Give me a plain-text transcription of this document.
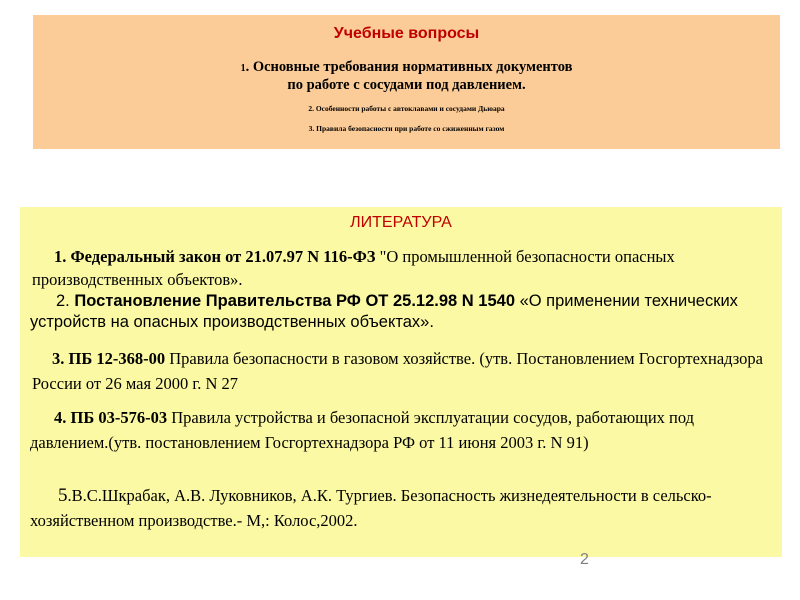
Учебные вопросы
1. Основные требования нормативных документов
по работе с сосудами под давлением.
2. Особенности работы с автоклавами и сосудами Дьюара
3. Правила безопасности при работе со сжиженным газом
ЛИТЕРАТУРА
1. Федеральный закон от 21.07.97 N 116-ФЗ "О промышленной безопасности опасных производственных объектов».
2. Постановление Правительства РФ ОТ 25.12.98 N 1540 «О применении технических устройств на опасных производственных объектах».
3. ПБ 12-368-00 Правила безопасности в газовом хозяйстве. (утв. Постановлением Госгортехнадзора России от 26 мая 2000 г. N 27
4. ПБ 03-576-03 Правила устройства и безопасной эксплуатации сосудов, работающих под давлением.(утв. постановлением Госгортехнадзора РФ от 11 июня 2003 г. N 91)
5.В.С.Шкрабак, А.В. Луковников, А.К. Тургиев. Безопасность жизнедеятельности в сельско-хозяйственном производстве.- М,: Колос,2002.
2
